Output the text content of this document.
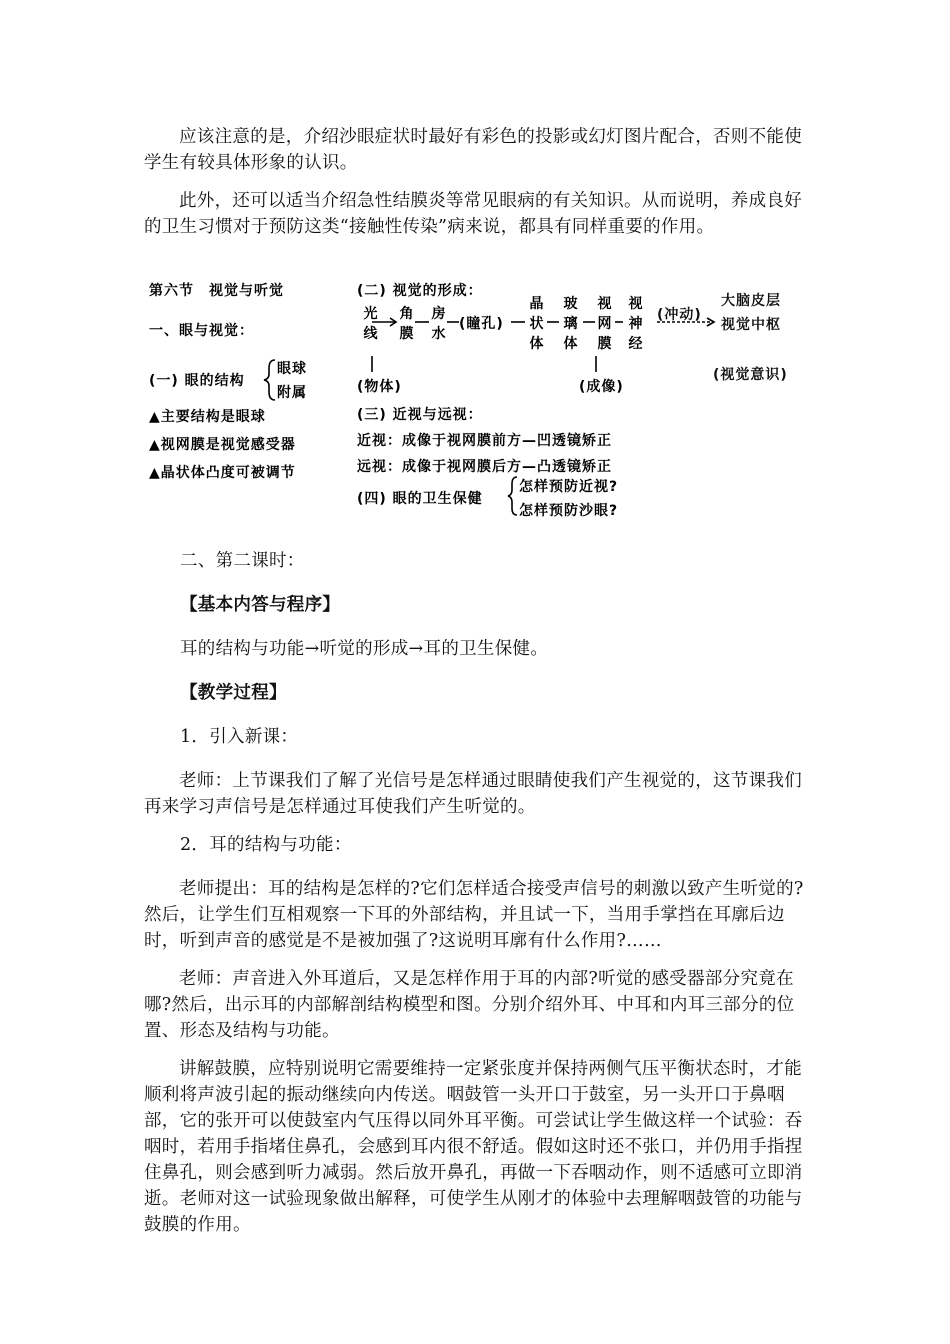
应该注意的是，介绍沙眼症状时最好有彩色的投影或幻灯图片配合，否则不能使学生有较具体形象的认识。

此外，还可以适当介绍急性结膜炎等常见眼病的有关知识。从而说明，养成良好的卫生习惯对于预防这类“接触性传染”病来说，都具有同样重要的作用。

第六节　视觉与听觉
一、眼与视觉：
(一) 眼的结构
眼球
附属
▲主要结构是眼球
▲视网膜是视觉感受器
▲晶状体凸度可被调节
(二) 视觉的形成：
光线
角膜
房水
(瞳孔)
晶状体
玻璃体
视网膜
视神经
(物体)	(成像)
(三) 近视与远视：
近视：成像于视网膜前方—凹透镜矫正
远视：成像于视网膜后方—凸透镜矫正
(四) 眼的卫生保健
怎样预防近视?
怎样预防沙眼?
(冲动)
大脑皮层
视觉中枢
(视觉意识)

二、第二课时：

【基本内答与程序】

耳的结构与功能→听觉的形成→耳的卫生保健。

【教学过程】

1．引入新课：

老师：上节课我们了解了光信号是怎样通过眼睛使我们产生视觉的，这节课我们再来学习声信号是怎样通过耳使我们产生听觉的。

2．耳的结构与功能：

老师提出：耳的结构是怎样的?它们怎样适合接受声信号的刺激以致产生听觉的?然后，让学生们互相观察一下耳的外部结构，并且试一下，当用手掌挡在耳廓后边时，听到声音的感觉是不是被加强了?这说明耳廓有什么作用?……

老师：声音进入外耳道后，又是怎样作用于耳的内部?听觉的感受器部分究竟在哪?然后，出示耳的内部解剖结构模型和图。分别介绍外耳、中耳和内耳三部分的位置、形态及结构与功能。

讲解鼓膜，应特别说明它需要维持一定紧张度并保持两侧气压平衡状态时，才能顺利将声波引起的振动继续向内传送。咽鼓管一头开口于鼓室，另一头开口于鼻咽部，它的张开可以使鼓室内气压得以同外耳平衡。可尝试让学生做这样一个试验：吞咽时，若用手指堵住鼻孔，会感到耳内很不舒适。假如这时还不张口，并仍用手指捏住鼻孔，则会感到听力减弱。然后放开鼻孔，再做一下吞咽动作，则不适感可立即消逝。老师对这一试验现象做出解释，可使学生从刚才的体验中去理解咽鼓管的功能与鼓膜的作用。
